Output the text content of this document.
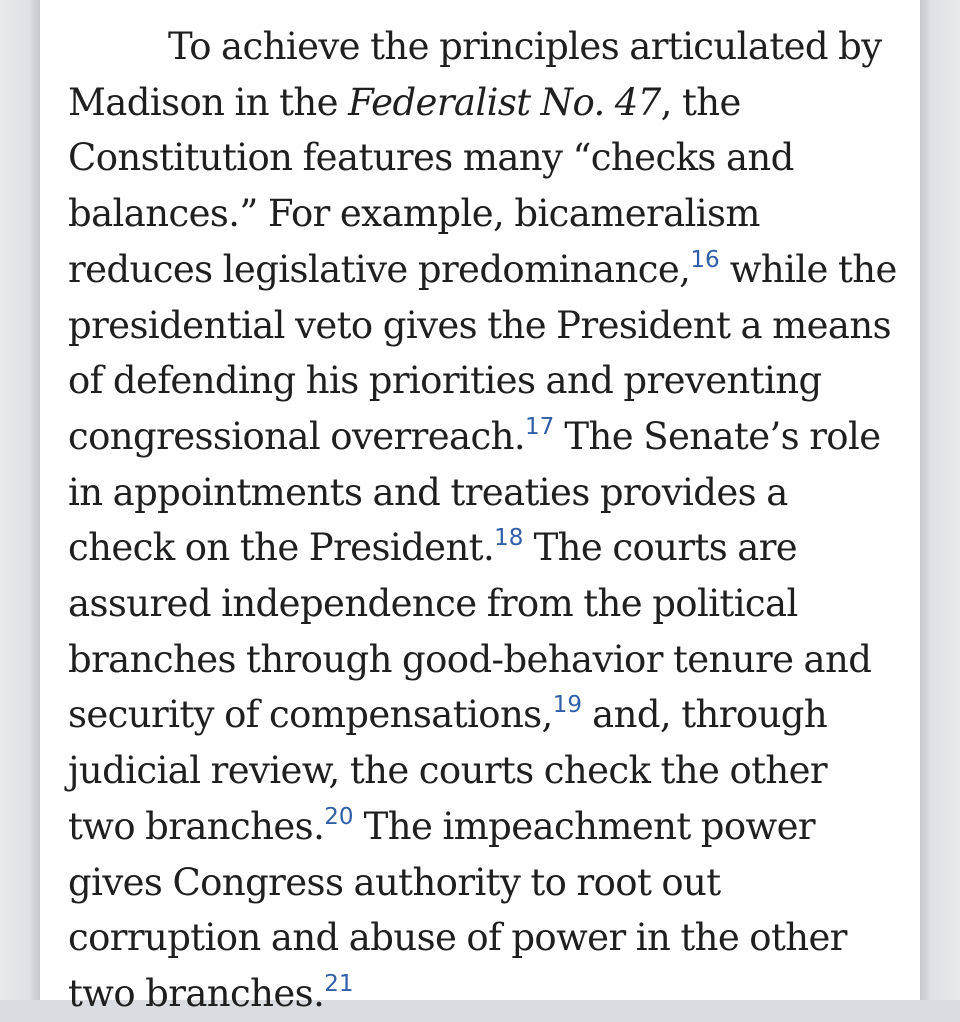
To achieve the principles articulated by Madison in the Federalist No. 47, the Constitution features many “checks and balances.” For example, bicameralism reduces legislative predominance,$^{16}$ while the presidential veto gives the President a means of defending his priorities and preventing congressional overreach.$^{17}$ The Senate’s role in appointments and treaties provides a check on the President.$^{18}$ The courts are assured independence from the political branches through good-behavior tenure and security of compensations,$^{19}$ and, through judicial review, the courts check the other two branches.$^{20}$ The impeachment power gives Congress authority to root out corruption and abuse of power in the other two branches.$^{21}$
